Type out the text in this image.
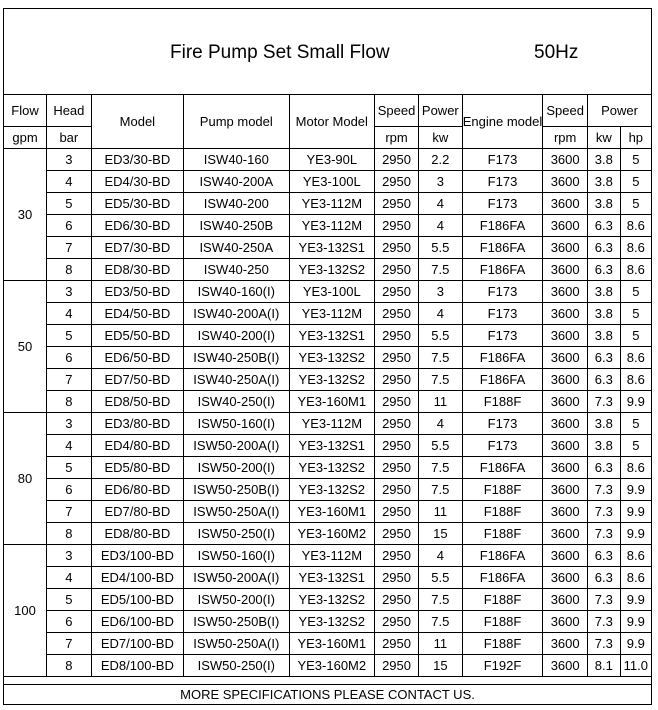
Fire Pump Set Small Flow	50Hz
Flow	Head	Model	Pump model	Motor Model	Speed	Power	Engine model	Speed	Power	
gpm	bar				rpm	kw		rpm	kw	hp
30	3	ED3/30-BD	ISW40-160	YE3-90L	2950	2.2	F173	3600	3.8	5
	4	ED4/30-BD	ISW40-200A	YE3-100L	2950	3	F173	3600	3.8	5
	5	ED5/30-BD	ISW40-200	YE3-112M	2950	4	F173	3600	3.8	5
	6	ED6/30-BD	ISW40-250B	YE3-112M	2950	4	F186FA	3600	6.3	8.6
	7	ED7/30-BD	ISW40-250A	YE3-132S1	2950	5.5	F186FA	3600	6.3	8.6
	8	ED8/30-BD	ISW40-250	YE3-132S2	2950	7.5	F186FA	3600	6.3	8.6
50	3	ED3/50-BD	ISW40-160(I)	YE3-100L	2950	3	F173	3600	3.8	5
	4	ED4/50-BD	ISW40-200A(I)	YE3-112M	2950	4	F173	3600	3.8	5
	5	ED5/50-BD	ISW40-200(I)	YE3-132S1	2950	5.5	F173	3600	3.8	5
	6	ED6/50-BD	ISW40-250B(I)	YE3-132S2	2950	7.5	F186FA	3600	6.3	8.6
	7	ED7/50-BD	ISW40-250A(I)	YE3-132S2	2950	7.5	F186FA	3600	6.3	8.6
	8	ED8/50-BD	ISW40-250(I)	YE3-160M1	2950	11	F188F	3600	7.3	9.9
80	3	ED3/80-BD	ISW50-160(I)	YE3-112M	2950	4	F173	3600	3.8	5
	4	ED4/80-BD	ISW50-200A(I)	YE3-132S1	2950	5.5	F173	3600	3.8	5
	5	ED5/80-BD	ISW50-200(I)	YE3-132S2	2950	7.5	F186FA	3600	6.3	8.6
	6	ED6/80-BD	ISW50-250B(I)	YE3-132S2	2950	7.5	F188F	3600	7.3	9.9
	7	ED7/80-BD	ISW50-250A(I)	YE3-160M1	2950	11	F188F	3600	7.3	9.9
	8	ED8/80-BD	ISW50-250(I)	YE3-160M2	2950	15	F188F	3600	7.3	9.9
100	3	ED3/100-BD	ISW50-160(I)	YE3-112M	2950	4	F186FA	3600	6.3	8.6
	4	ED4/100-BD	ISW50-200A(I)	YE3-132S1	2950	5.5	F186FA	3600	6.3	8.6
	5	ED5/100-BD	ISW50-200(I)	YE3-132S2	2950	7.5	F188F	3600	7.3	9.9
	6	ED6/100-BD	ISW50-250B(I)	YE3-132S2	2950	7.5	F188F	3600	7.3	9.9
	7	ED7/100-BD	ISW50-250A(I)	YE3-160M1	2950	11	F188F	3600	7.3	9.9
	8	ED8/100-BD	ISW50-250(I)	YE3-160M2	2950	15	F192F	3600	8.1	11.0
MORE SPECIFICATIONS PLEASE CONTACT US.
